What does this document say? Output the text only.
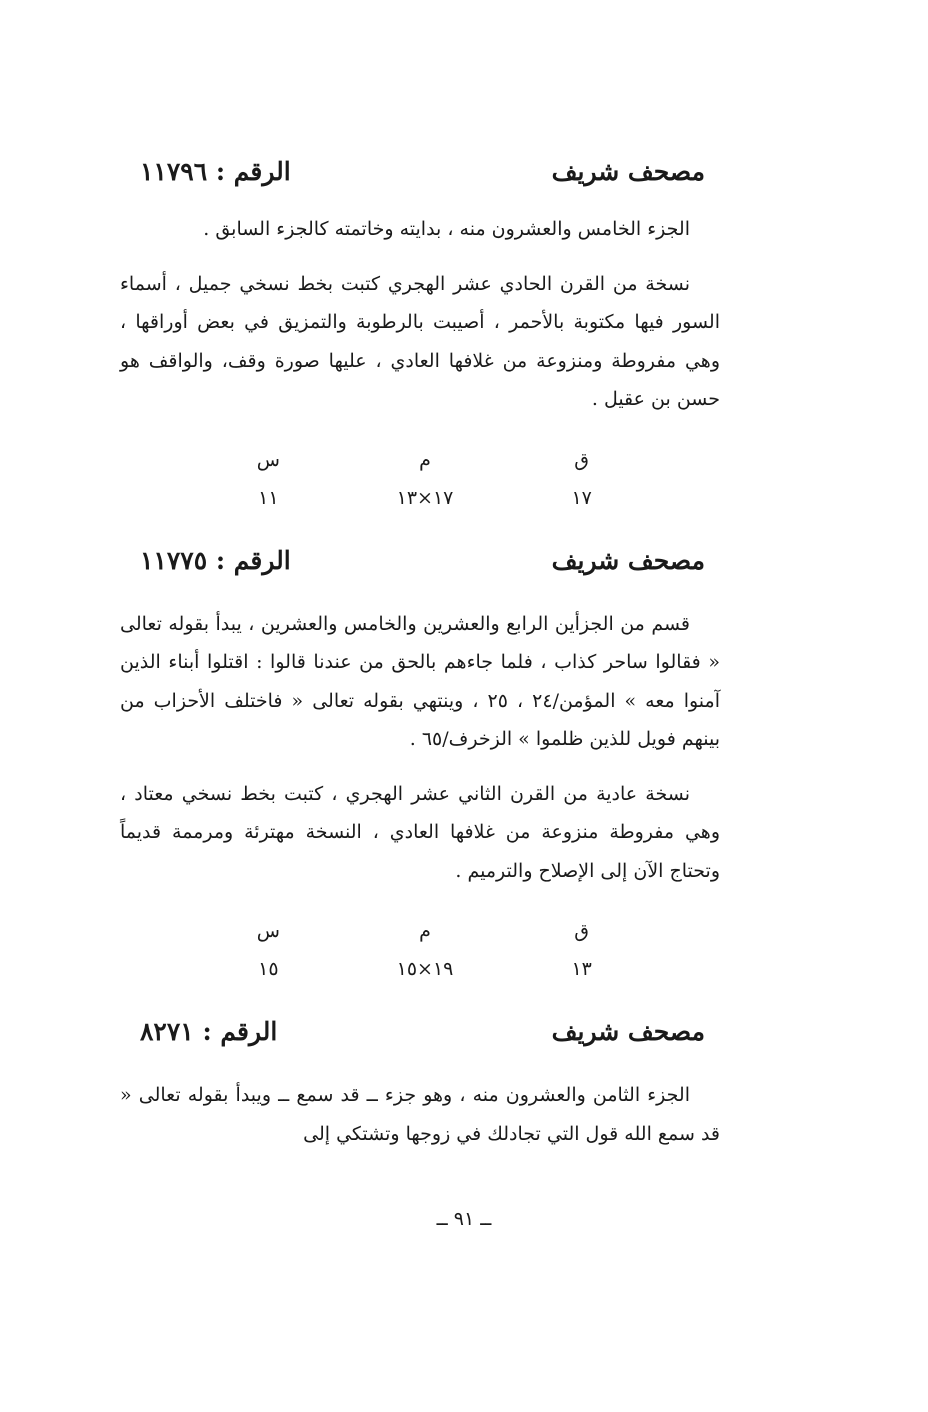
مصحف شريف
الرقم : ١١٧٩٦

الجزء الخامس والعشرون منه ، بدايته وخاتمته كالجزء السابق .

نسخة من القرن الحادي عشر الهجري كتبت بخط نسخي جميل ، أسماء السور فيها مكتوبة بالأحمر ، أصيبت بالرطوبة والتمزيق في بعض أوراقها ، وهي مفروطة ومنزوعة من غلافها العادي ، عليها صورة وقف، والواقف هو حسن بن عقيل .

ق
م
س
١٧
١٧×١٣
١١
مصحف شريف
الرقم : ١١٧٧٥

قسم من الجزأين الرابع والعشرين والخامس والعشرين ، يبدأ بقوله تعالى « فقالوا ساحر كذاب ، فلما جاءهم بالحق من عندنا قالوا : اقتلوا أبناء الذين آمنوا معه » المؤمن/٢٤ ، ٢٥ ، وينتهي بقوله تعالى « فاختلف الأحزاب من بينهم فويل للذين ظلموا » الزخرف/٦٥ .

نسخة عادية من القرن الثاني عشر الهجري ، كتبت بخط نسخي معتاد ، وهي مفروطة منزوعة من غلافها العادي ، النسخة مهترئة ومرممة قديماً وتحتاج الآن إلى الإصلاح والترميم .

ق
م
س
١٣
١٩×١٥
١٥
مصحف شريف
الرقم : ٨٢٧١

الجزء الثامن والعشرون منه ، وهو جزء ــ قد سمع ــ ويبدأ بقوله تعالى « قد سمع الله قول التي تجادلك في زوجها وتشتكي إلى

ــ ٩١ ــ
